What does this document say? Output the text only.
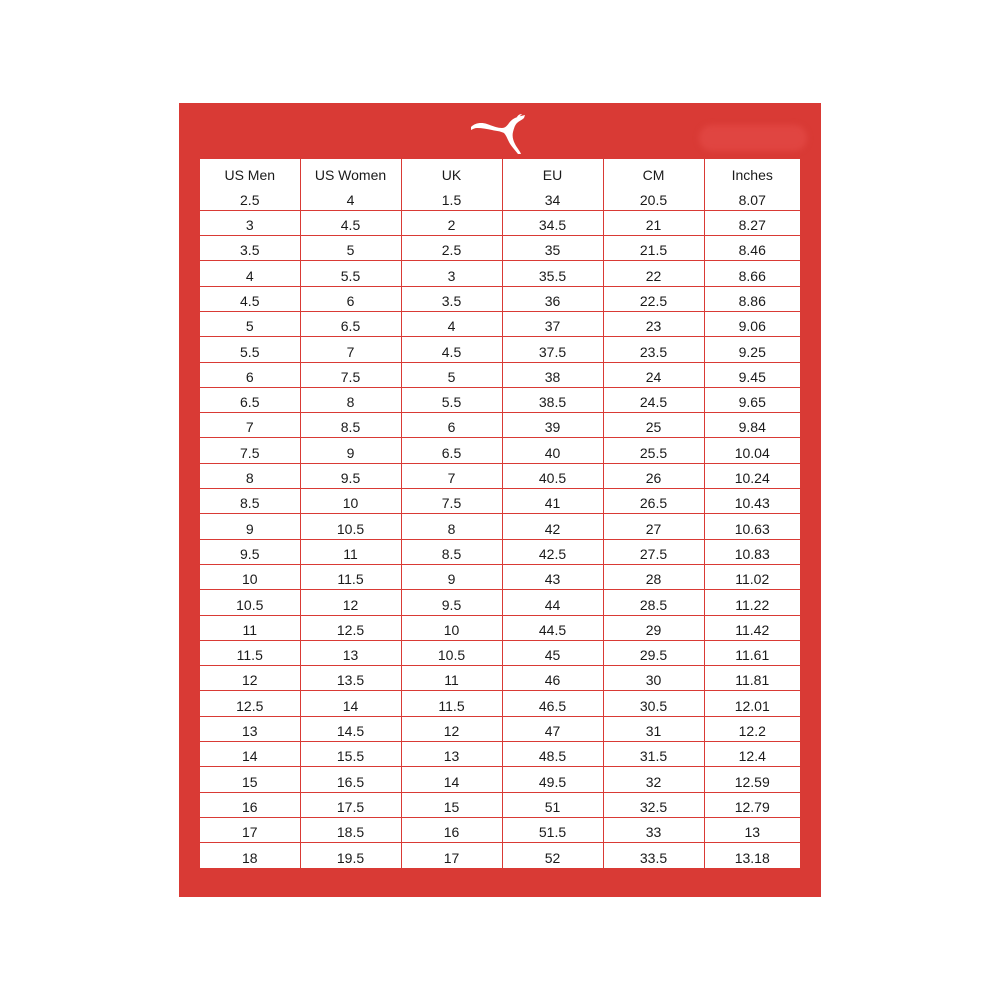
US Men	US Women	UK	EU	CM	Inches
2.5	4	1.5	34	20.5	8.07
3	4.5	2	34.5	21	8.27
3.5	5	2.5	35	21.5	8.46
4	5.5	3	35.5	22	8.66
4.5	6	3.5	36	22.5	8.86
5	6.5	4	37	23	9.06
5.5	7	4.5	37.5	23.5	9.25
6	7.5	5	38	24	9.45
6.5	8	5.5	38.5	24.5	9.65
7	8.5	6	39	25	9.84
7.5	9	6.5	40	25.5	10.04
8	9.5	7	40.5	26	10.24
8.5	10	7.5	41	26.5	10.43
9	10.5	8	42	27	10.63
9.5	11	8.5	42.5	27.5	10.83
10	11.5	9	43	28	11.02
10.5	12	9.5	44	28.5	11.22
11	12.5	10	44.5	29	11.42
11.5	13	10.5	45	29.5	11.61
12	13.5	11	46	30	11.81
12.5	14	11.5	46.5	30.5	12.01
13	14.5	12	47	31	12.2
14	15.5	13	48.5	31.5	12.4
15	16.5	14	49.5	32	12.59
16	17.5	15	51	32.5	12.79
17	18.5	16	51.5	33	13
18	19.5	17	52	33.5	13.18
